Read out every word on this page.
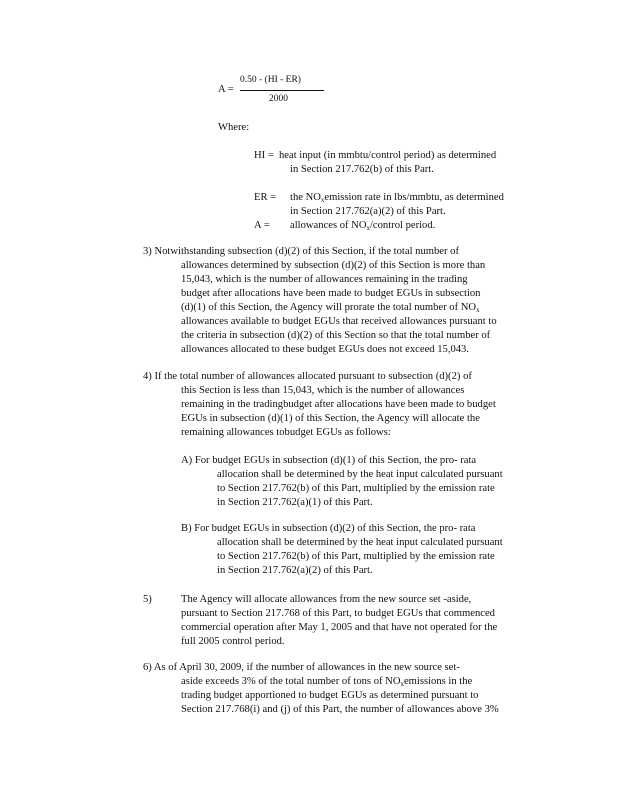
A =
0.50 - (HI - ER)
2000
Where:
HI = heat input (in mmbtu/control period) as determined
in Section 217.762(b) of this Part.
ER = the $NO_xemission$ rate in lbs/mmbtu, as determined
in Section 217.762(a)(2) of this Part.
A = allowances of $NO_x$/control period.
3) Notwithstanding subsection (d)(2) of this Section, if the total number of
allowances determined by subsection (d)(2) of this Section is more than
15,043, which is the number of allowances remaining in the trading
budget after allocations have been made to budget EGUs in subsection
(d)(1) of this Section, the Agency will prorate the total number of $NO_x$
allowances available to budget EGUs that received allowances pursuant to
the criteria in subsection (d)(2) of this Section so that the total number of
allowances allocated to these budget EGUs does not exceed 15,043.
4) If the total number of allowances allocated pursuant to subsection (d)(2) of
this Section is less than 15,043, which is the number of allowances
remaining in the tradingbudget after allocations have been made to budget
EGUs in subsection (d)(1) of this Section, the Agency will allocate the
remaining allowances tobudget EGUs as follows:
A) For budget EGUs in subsection (d)(1) of this Section, the pro- rata
allocation shall be determined by the heat input calculated pursuant
to Section 217.762(b) of this Part, multiplied by the emission rate
in Section 217.762(a)(1) of this Part.
B) For budget EGUs in subsection (d)(2) of this Section, the pro- rata
allocation shall be determined by the heat input calculated pursuant
to Section 217.762(b) of this Part, multiplied by the emission rate
in Section 217.762(a)(2) of this Part.
5)	The Agency will allocate allowances from the new source set -aside,
pursuant to Section 217.768 of this Part, to budget EGUs that commenced
commercial operation after May 1, 2005 and that have not operated for the
full 2005 control period.
6) As of April 30, 2009, if the number of allowances in the new source set-
aside exceeds 3% of the total number of tons of $NO_xemissions$ in the
trading budget apportioned to budget EGUs as determined pursuant to
Section 217.768(i) and (j) of this Part, the number of allowances above 3%
